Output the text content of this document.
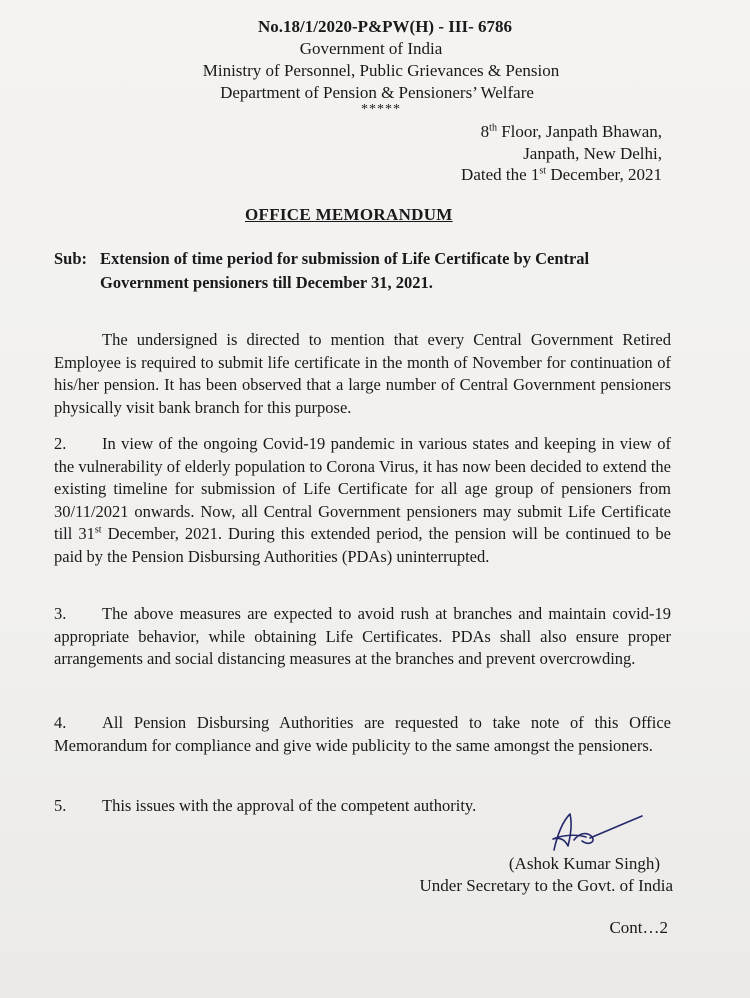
No.18/1/2020-P&PW(H) - III- 6786
Government of India
Ministry of Personnel, Public Grievances & Pension
Department of Pension & Pensioners’ Welfare
*****
8th Floor, Janpath Bhawan,
Janpath, New Delhi,
Dated the 1st December, 2021
OFFICE MEMORANDUM
Sub: Extension of time period for submission of Life Certificate by Central
Government pensioners till December 31, 2021.
The undersigned is directed to mention that every Central Government Retired Employee is required to submit life certificate in the month of November for continuation of his/her pension. It has been observed that a large number of Central Government pensioners physically visit bank branch for this purpose.
2. In view of the ongoing Covid-19 pandemic in various states and keeping in view of the vulnerability of elderly population to Corona Virus, it has now been decided to extend the existing timeline for submission of Life Certificate for all age group of pensioners from 30/11/2021 onwards. Now, all Central Government pensioners may submit Life Certificate till 31st December, 2021. During this extended period, the pension will be continued to be paid by the Pension Disbursing Authorities (PDAs) uninterrupted.
3. The above measures are expected to avoid rush at branches and maintain covid-19 appropriate behavior, while obtaining Life Certificates. PDAs shall also ensure proper arrangements and social distancing measures at the branches and prevent overcrowding.
4. All Pension Disbursing Authorities are requested to take note of this Office Memorandum for compliance and give wide publicity to the same amongst the pensioners.
5. This issues with the approval of the competent authority.
(Ashok Kumar Singh)
Under Secretary to the Govt. of India
Cont…2
